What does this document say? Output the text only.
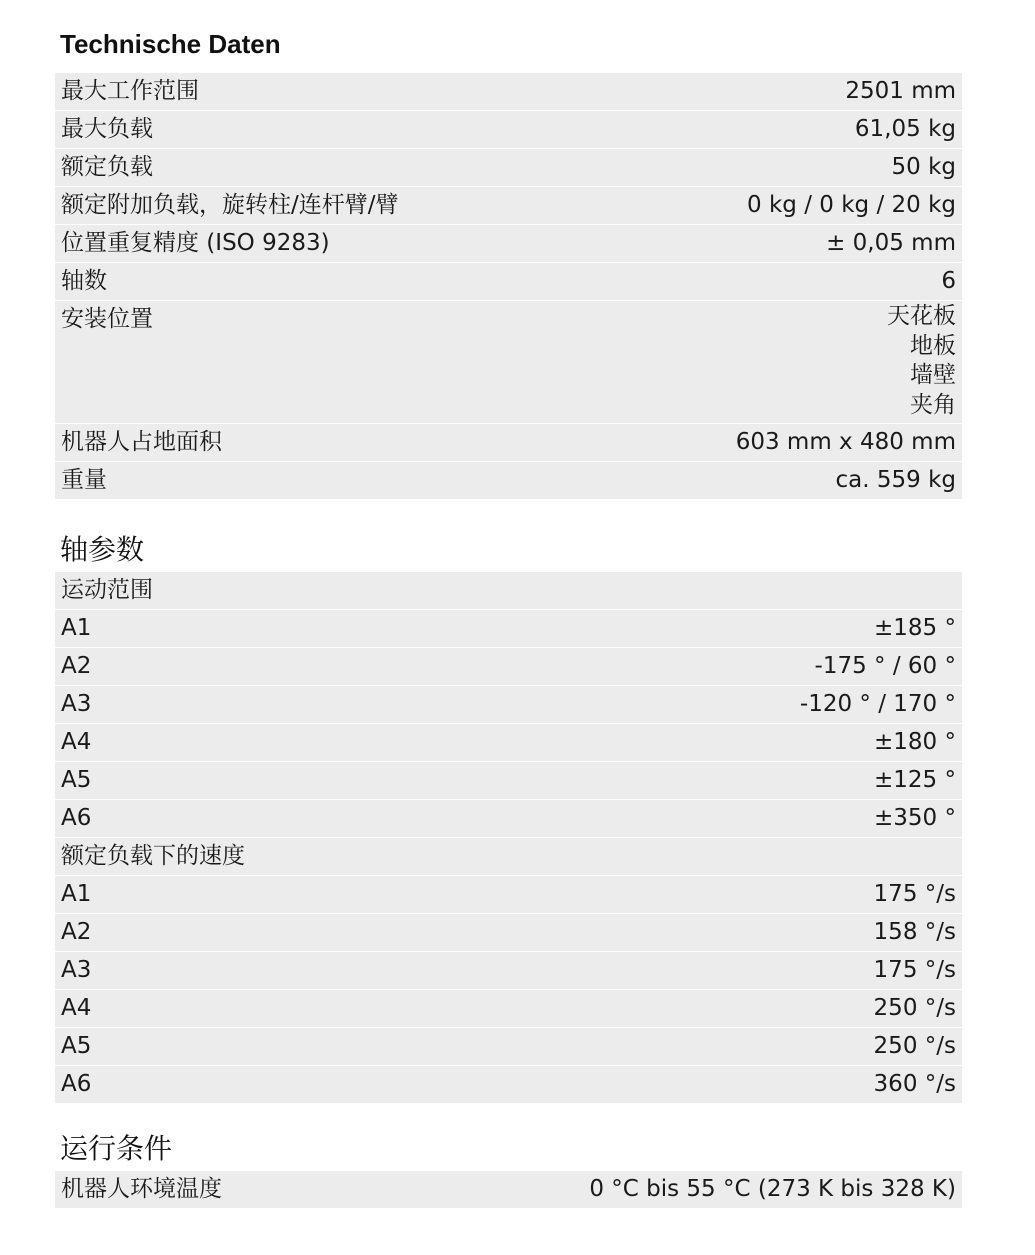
Technische Daten
最大工作范围	2501 mm
最大负载	61,05 kg
额定负载	50 kg
额定附加负载，旋转柱/连杆臂/臂	0 kg / 0 kg / 20 kg
位置重复精度 (ISO 9283)	± 0,05 mm
轴数	6
安装位置	天花板
地板
墙壁
夹角

机器人占地面积	603 mm x 480 mm
重量	ca. 559 kg
轴参数
运动范围	
A1	±185 °
A2	-175 ° / 60 °
A3	-120 ° / 170 °
A4	±180 °
A5	±125 °
A6	±350 °
额定负载下的速度	
A1	175 °/s
A2	158 °/s
A3	175 °/s
A4	250 °/s
A5	250 °/s
A6	360 °/s
运行条件
机器人环境温度	0 °C bis 55 °C (273 K bis 328 K)
